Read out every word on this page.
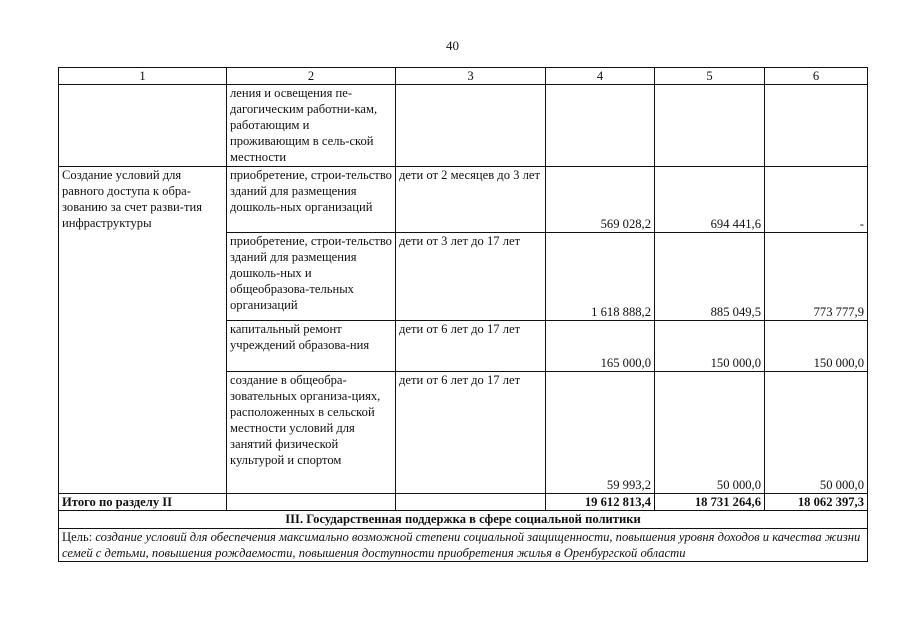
40
1	2	3	4	5	6
	ления и освещения пе-дагогическим работни-кам, работающим и проживающим в сель-ской местности				
Создание условий для равного доступа к обра-зованию за счет разви-тия инфраструктуры	приобретение, строи-тельство зданий для размещения дошколь-ных организаций	дети от 2 месяцев до 3 лет	569 028,2	694 441,6	-
	приобретение, строи-тельство зданий для размещения дошколь-ных и общеобразова-тельных организаций	дети от 3 лет до 17 лет	1 618 888,2	885 049,5	773 777,9
	капитальный ремонт учреждений образова-ния	дети от 6 лет до 17 лет	165 000,0	150 000,0	150 000,0
	создание в общеобра-зовательных организа-циях, расположенных в сельской местности условий для занятий физической культурой и спортом	дети от 6 лет до 17 лет	59 993,2	50 000,0	50 000,0
Итого по разделу II			19 612 813,4	18 731 264,6	18 062 397,3
III. Государственная поддержка в сфере социальной политики					
Цель: создание условий для обеспечения максимально возможной степени социальной защищенности, повышения уровня доходов и качества жизни семей с детьми, повышения рождаемости, повышения доступности приобретения жилья в Оренбургской области					
